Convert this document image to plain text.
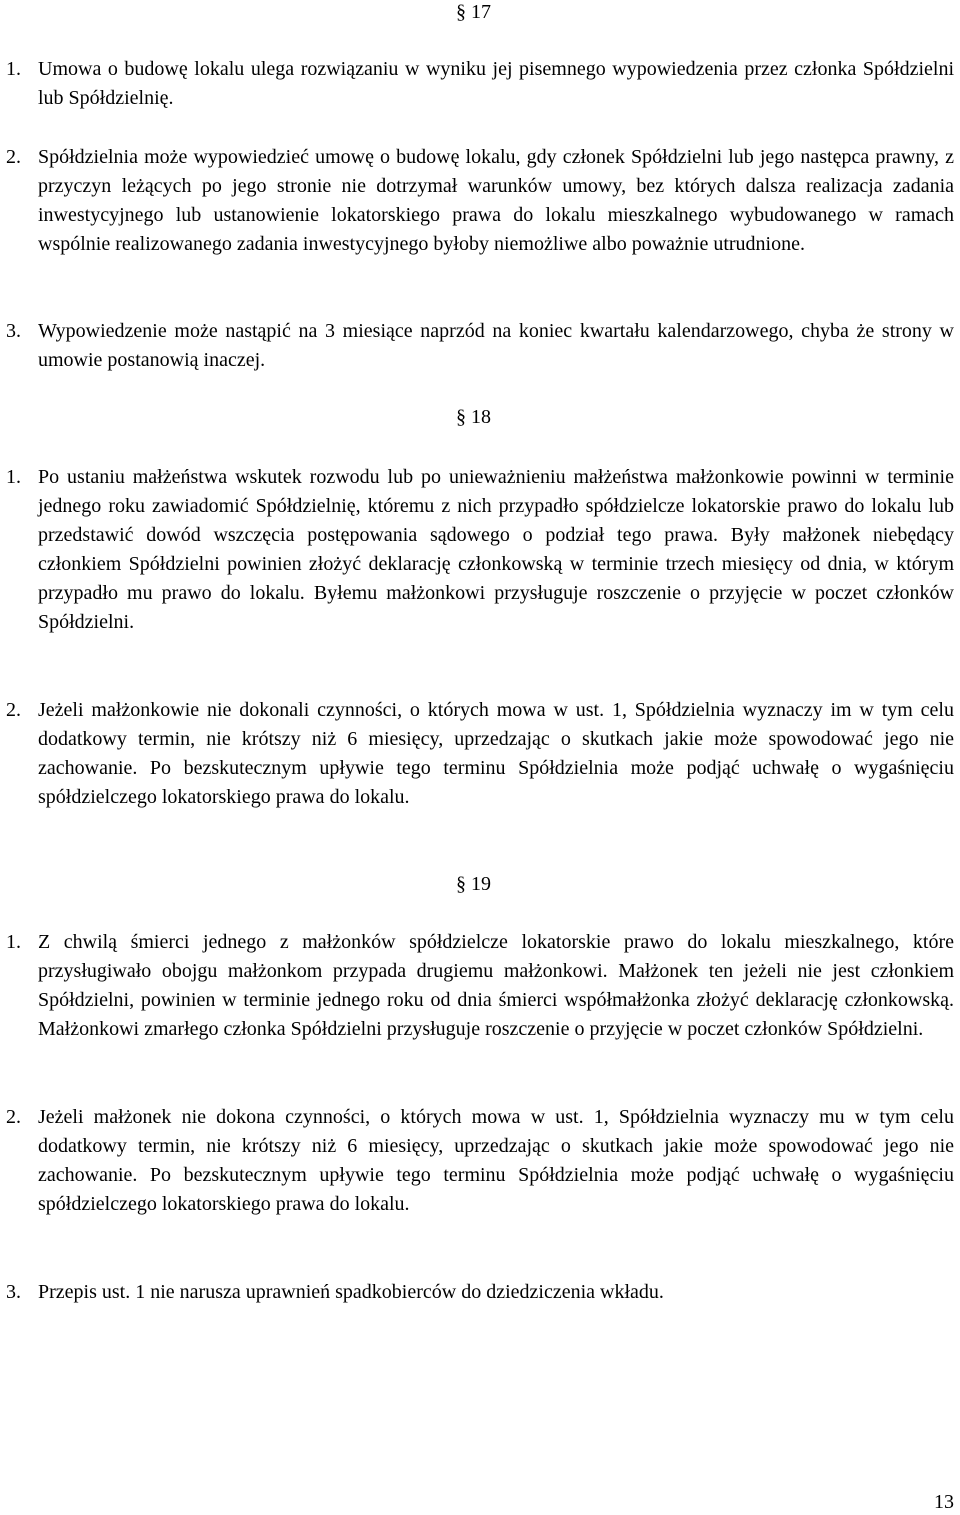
§ 17
1. Umowa o budowę lokalu ulega rozwiązaniu w wyniku jej pisemnego wypowiedzenia przez członka Spółdzielni lub Spółdzielnię.
2. Spółdzielnia może wypowiedzieć umowę o budowę lokalu, gdy członek Spółdzielni lub jego następca prawny, z przyczyn leżących po jego stronie nie dotrzymał warunków umowy, bez których dalsza realizacja zadania inwestycyjnego lub ustanowienie lokatorskiego prawa do lokalu mieszkalnego wybudowanego w ramach wspólnie realizowanego zadania inwestycyjnego byłoby niemożliwe albo poważnie utrudnione.
3. Wypowiedzenie może nastąpić na 3 miesiące naprzód na koniec kwartału kalendarzowego, chyba że strony w umowie postanowią inaczej.
§ 18
1. Po ustaniu małżeństwa wskutek rozwodu lub po unieważnieniu małżeństwa małżonkowie powinni w terminie jednego roku zawiadomić Spółdzielnię, któremu z nich przypadło spółdzielcze lokatorskie prawo do lokalu lub przedstawić dowód wszczęcia postępowania sądowego o podział tego prawa. Były małżonek niebędący członkiem Spółdzielni powinien złożyć deklarację członkowską w terminie trzech miesięcy od dnia, w którym przypadło mu prawo do lokalu. Byłemu małżonkowi przysługuje roszczenie o przyjęcie w poczet członków Spółdzielni.
2. Jeżeli małżonkowie nie dokonali czynności, o których mowa w ust. 1, Spółdzielnia wyznaczy im w tym celu dodatkowy termin, nie krótszy niż 6 miesięcy, uprzedzając o skutkach jakie może spowodować jego nie zachowanie. Po bezskutecznym upływie tego terminu Spółdzielnia może podjąć uchwałę o wygaśnięciu spółdzielczego lokatorskiego prawa do lokalu.
§ 19
1. Z chwilą śmierci jednego z małżonków spółdzielcze lokatorskie prawo do lokalu mieszkalnego, które przysługiwało obojgu małżonkom przypada drugiemu małżonkowi. Małżonek ten jeżeli nie jest członkiem Spółdzielni, powinien w terminie jednego roku od dnia śmierci współmałżonka złożyć deklarację członkowską. Małżonkowi zmarłego członka Spółdzielni przysługuje roszczenie o przyjęcie w poczet członków Spółdzielni.
2. Jeżeli małżonek nie dokona czynności, o których mowa w ust. 1, Spółdzielnia wyznaczy mu w tym celu dodatkowy termin, nie krótszy niż 6 miesięcy, uprzedzając o skutkach jakie może spowodować jego nie zachowanie. Po bezskutecznym upływie tego terminu Spółdzielnia może podjąć uchwałę o wygaśnięciu spółdzielczego lokatorskiego prawa do lokalu.
3. Przepis ust. 1 nie narusza uprawnień spadkobierców do dziedziczenia wkładu.
13
